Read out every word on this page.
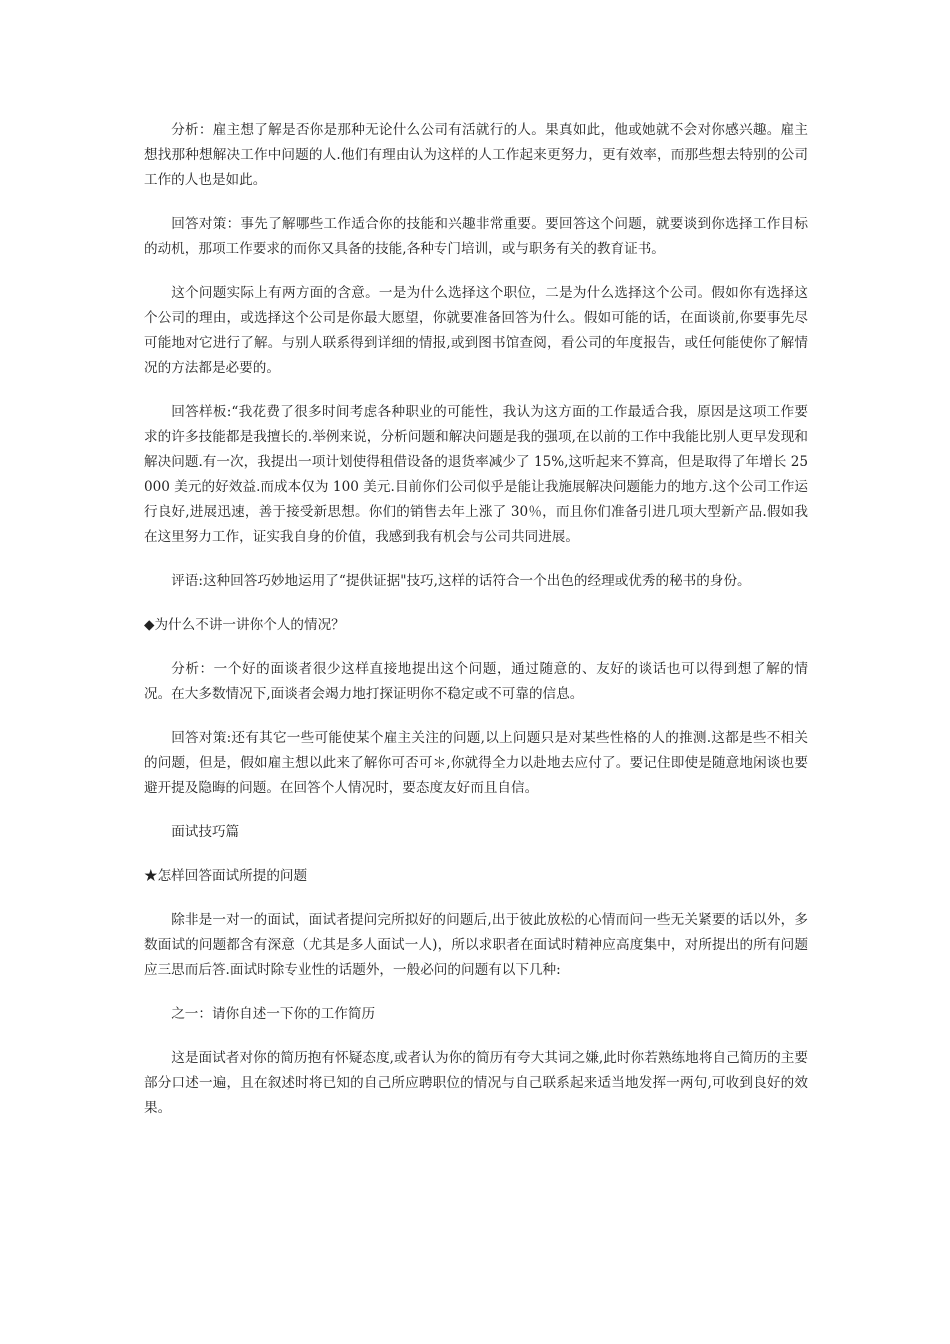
分析：雇主想了解是否你是那种无论什么公司有活就行的人。果真如此，他或她就不会对你感兴趣。雇主想找那种想解决工作中问题的人.他们有理由认为这样的人工作起来更努力，更有效率，而那些想去特别的公司工作的人也是如此。

回答对策：事先了解哪些工作适合你的技能和兴趣非常重要。要回答这个问题，就要谈到你选择工作目标的动机，那项工作要求的而你又具备的技能,各种专门培训，或与职务有关的教育证书。

这个问题实际上有两方面的含意。一是为什么选择这个职位，二是为什么选择这个公司。假如你有选择这个公司的理由，或选择这个公司是你最大愿望，你就要准备回答为什么。假如可能的话，在面谈前,你要事先尽可能地对它进行了解。与别人联系得到详细的情报,或到图书馆查阅，看公司的年度报告，或任何能使你了解情况的方法都是必要的。

回答样板:“我花费了很多时间考虑各种职业的可能性，我认为这方面的工作最适合我，原因是这项工作要求的许多技能都是我擅长的.举例来说，分析问题和解决问题是我的强项,在以前的工作中我能比别人更早发现和解决问题.有一次，我提出一项计划使得租借设备的退货率减少了 15%,这听起来不算高，但是取得了年增长 25000 美元的好效益.而成本仅为 100 美元.目前你们公司似乎是能让我施展解决问题能力的地方.这个公司工作运行良好,进展迅速，善于接受新思想。你们的销售去年上涨了 30％，而且你们准备引进几项大型新产品.假如我在这里努力工作，证实我自身的价值，我感到我有机会与公司共同进展。

评语:这种回答巧妙地运用了“提供证据"技巧,这样的话符合一个出色的经理或优秀的秘书的身份。

◆为什么不讲一讲你个人的情况？

分析：一个好的面谈者很少这样直接地提出这个问题，通过随意的、友好的谈话也可以得到想了解的情况。在大多数情况下,面谈者会竭力地打探证明你不稳定或不可靠的信息。

回答对策:还有其它一些可能使某个雇主关注的问题,以上问题只是对某些性格的人的推测.这都是些不相关的问题，但是，假如雇主想以此来了解你可否可＊,你就得全力以赴地去应付了。要记住即使是随意地闲谈也要避开提及隐晦的问题。在回答个人情况时，要态度友好而且自信。

面试技巧篇

★怎样回答面试所提的问题

除非是一对一的面试，面试者提问完所拟好的问题后,出于彼此放松的心情而问一些无关紧要的话以外，多数面试的问题都含有深意（尤其是多人面试一人)，所以求职者在面试时精神应高度集中，对所提出的所有问题应三思而后答.面试时除专业性的话题外，一般必问的问题有以下几种:

之一：请你自述一下你的工作简历

这是面试者对你的简历抱有怀疑态度,或者认为你的简历有夸大其词之嫌,此时你若熟练地将自己简历的主要部分口述一遍，且在叙述时将已知的自己所应聘职位的情况与自己联系起来适当地发挥一两句,可收到良好的效果。
